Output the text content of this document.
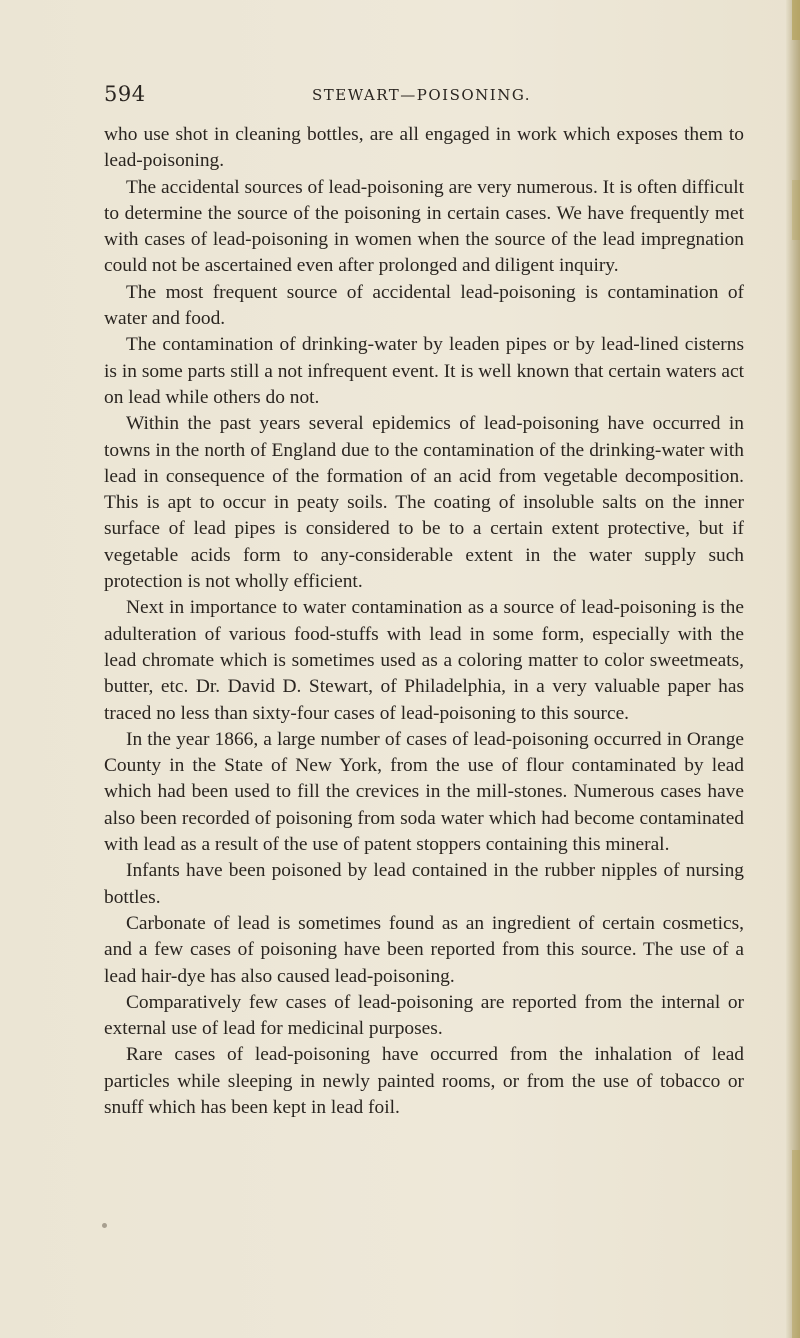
594	STEWART—POISONING.

who use shot in cleaning bottles, are all engaged in work which exposes them to lead-poisoning.

The accidental sources of lead-poisoning are very numerous. It is often difficult to determine the source of the poisoning in certain cases. We have frequently met with cases of lead-poisoning in women when the source of the lead impregnation could not be ascertained even after prolonged and diligent inquiry.

The most frequent source of accidental lead-poisoning is contamination of water and food.

The contamination of drinking-water by leaden pipes or by lead-lined cisterns is in some parts still a not infrequent event. It is well known that certain waters act on lead while others do not.

Within the past years several epidemics of lead-poisoning have occurred in towns in the north of England due to the contamination of the drinking-water with lead in consequence of the formation of an acid from vegetable decomposition. This is apt to occur in peaty soils. The coating of insoluble salts on the inner surface of lead pipes is considered to be to a certain extent protective, but if vegetable acids form to any-considerable extent in the water supply such protection is not wholly efficient.

Next in importance to water contamination as a source of lead-poisoning is the adulteration of various food-stuffs with lead in some form, especially with the lead chromate which is sometimes used as a coloring matter to color sweetmeats, butter, etc. Dr. David D. Stewart, of Philadelphia, in a very valuable paper has traced no less than sixty-four cases of lead-poisoning to this source.

In the year 1866, a large number of cases of lead-poisoning occurred in Orange County in the State of New York, from the use of flour contaminated by lead which had been used to fill the crevices in the mill-stones. Numerous cases have also been recorded of poisoning from soda water which had become contaminated with lead as a result of the use of patent stoppers containing this mineral.

Infants have been poisoned by lead contained in the rubber nipples of nursing bottles.

Carbonate of lead is sometimes found as an ingredient of certain cosmetics, and a few cases of poisoning have been reported from this source. The use of a lead hair-dye has also caused lead-poisoning.

Comparatively few cases of lead-poisoning are reported from the internal or external use of lead for medicinal purposes.

Rare cases of lead-poisoning have occurred from the inhalation of lead particles while sleeping in newly painted rooms, or from the use of tobacco or snuff which has been kept in lead foil.
